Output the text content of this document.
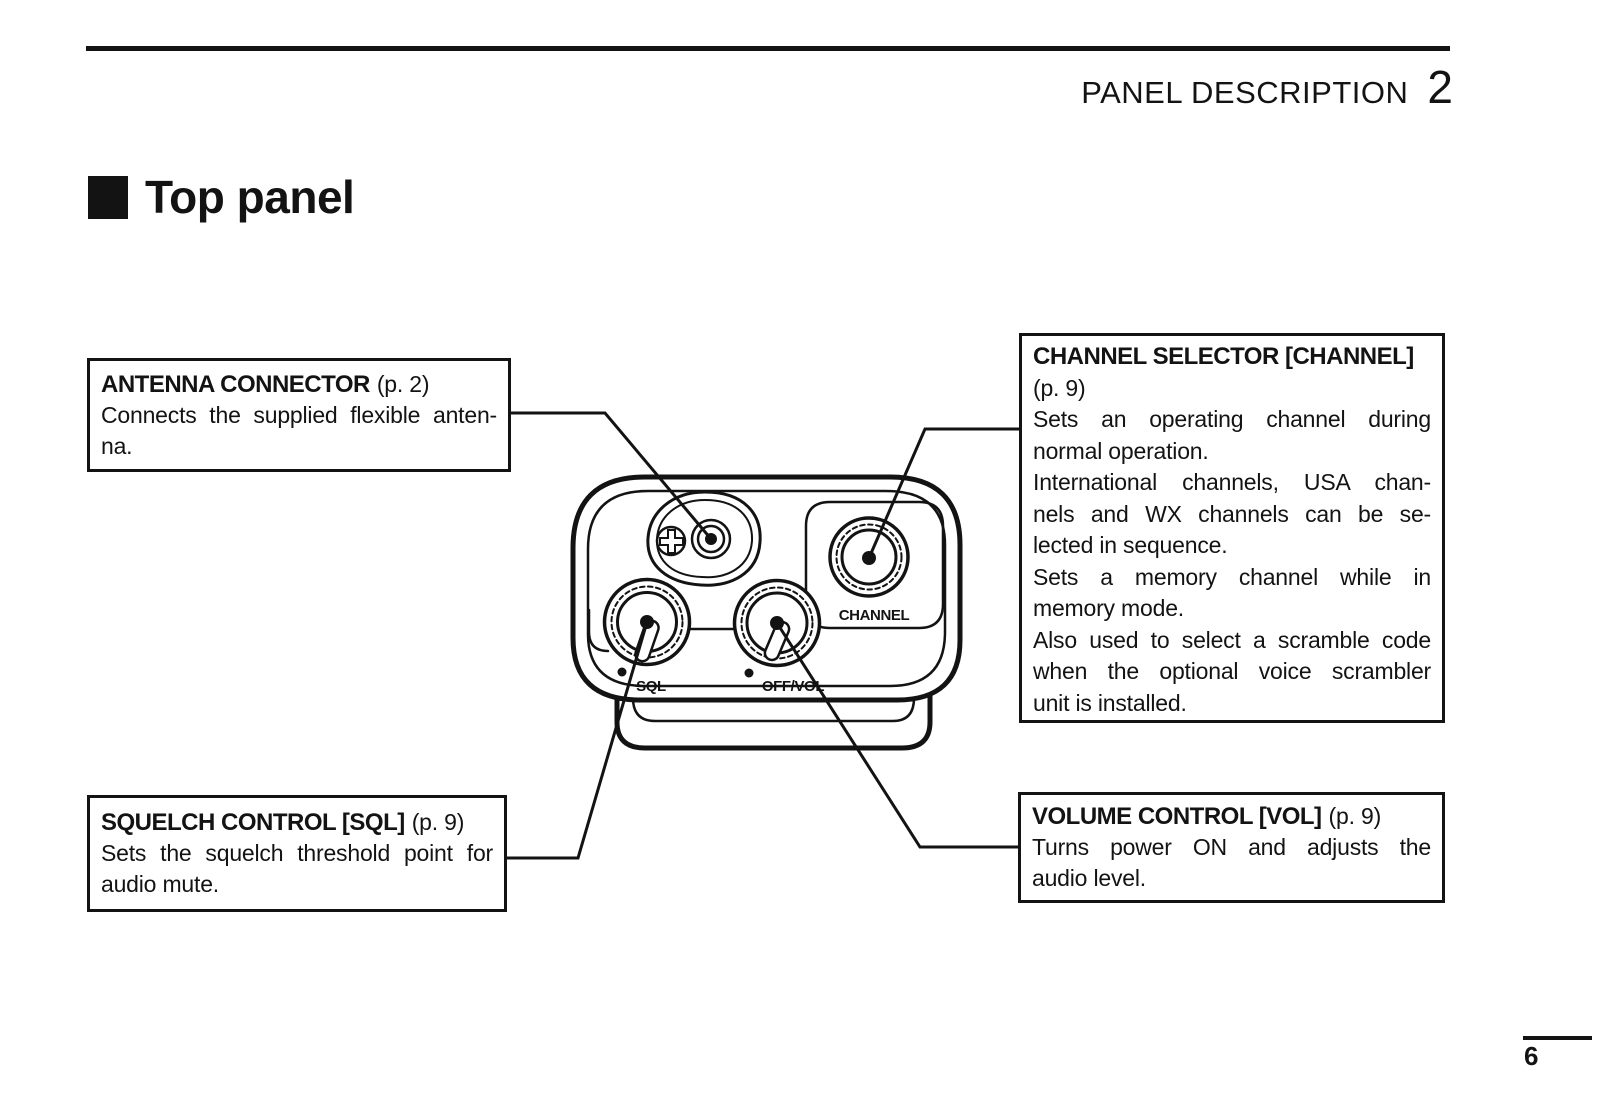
PANEL DESCRIPTION 2
Top panel
SQL	OFF/VOL
CHANNEL
ANTENNA CONNECTOR (p. 2)
Connects the supplied flexible anten-
na.
CHANNEL SELECTOR [CHANNEL]
(p. 9)
Sets an operating channel during
normal operation.
International channels, USA chan-
nels and WX channels can be se-
lected in sequence.
Sets a memory channel while in
memory mode.
Also used to select a scramble code
when the optional voice scrambler
unit is installed.
SQUELCH CONTROL [SQL] (p. 9)
Sets the squelch threshold point for
audio mute.
VOLUME CONTROL [VOL] (p. 9)
Turns power ON and adjusts the
audio level.
6
